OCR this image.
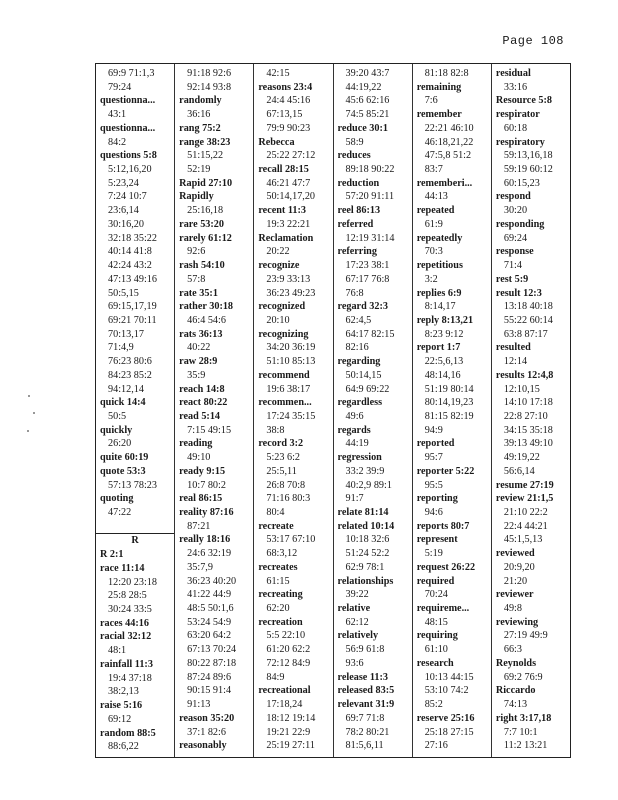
Page 108
69:9 71:1,3
79:24
questionna...
43:1
questionna...
84:2
questions 5:8
5:12,16,20
5:23,24
7:24 10:7
23:6,14
30:16,20
32:18 35:22
40:14 41:8
42:24 43:2
47:13 49:16
50:5,15
69:15,17,19
69:21 70:11
70:13,17
71:4,9
76:23 80:6
84:23 85:2
94:12,14
quick 14:4
50:5
quickly
26:20
quite 60:19
quote 53:3
57:13 78:23
quoting
47:22
R
R 2:1
race 11:14
12:20 23:18
25:8 28:5
30:24 33:5
races 44:16
racial 32:12
48:1
rainfall 11:3
19:4 37:18
38:2,13
raise 5:16
69:12
random 88:5
88:6,22
91:18 92:6
92:14 93:8
randomly
36:16
rang 75:2
range 38:23
51:15,22
52:19
Rapid 27:10
Rapidly
25:16,18
rare 53:20
rarely 61:12
92:6
rash 54:10
57:8
rate 35:1
rather 30:18
46:4 54:6
rats 36:13
40:22
raw 28:9
35:9
reach 14:8
react 80:22
read 5:14
7:15 49:15
reading
49:10
ready 9:15
10:7 80:2
real 86:15
reality 87:16
87:21
really 18:16
24:6 32:19
35:7,9
36:23 40:20
41:22 44:9
48:5 50:1,6
53:24 54:9
63:20 64:2
67:13 70:24
80:22 87:18
87:24 89:6
90:15 91:4
91:13
reason 35:20
37:1 82:6
reasonably
42:15
reasons 23:4
24:4 45:16
67:13,15
79:9 90:23
Rebecca
25:22 27:12
recall 28:15
46:21 47:7
50:14,17,20
recent 11:3
19:3 22:21
Reclamation
20:22
recognize
23:9 33:13
36:23 49:23
recognized
20:10
recognizing
34:20 36:19
51:10 85:13
recommend
19:6 38:17
recommen...
17:24 35:15
38:8
record 3:2
5:23 6:2
25:5,11
26:8 70:8
71:16 80:3
80:4
recreate
53:17 67:10
68:3,12
recreates
61:15
recreating
62:20
recreation
5:5 22:10
61:20 62:2
72:12 84:9
84:9
recreational
17:18,24
18:12 19:14
19:21 22:9
25:19 27:11
39:20 43:7
44:19,22
45:6 62:16
74:5 85:21
reduce 30:1
58:9
reduces
89:18 90:22
reduction
57:20 91:11
reel 86:13
referred
12:19 31:14
referring
17:23 38:1
67:17 76:8
76:8
regard 32:3
62:4,5
64:17 82:15
82:16
regarding
50:14,15
64:9 69:22
regardless
49:6
regards
44:19
regression
33:2 39:9
40:2,9 89:1
91:7
relate 81:14
related 10:14
10:18 32:6
51:24 52:2
62:9 78:1
relationships
39:22
relative
62:12
relatively
56:9 61:8
93:6
release 11:3
released 83:5
relevant 31:9
69:7 71:8
78:2 80:21
81:5,6,11
81:18 82:8
remaining
7:6
remember
22:21 46:10
46:18,21,22
47:5,8 51:2
83:7
rememberi...
44:13
repeated
61:9
repeatedly
70:3
repetitious
3:2
replies 6:9
8:14,17
reply 8:13,21
8:23 9:12
report 1:7
22:5,6,13
48:14,16
51:19 80:14
80:14,19,23
81:15 82:19
94:9
reported
95:7
reporter 5:22
95:5
reporting
94:6
reports 80:7
represent
5:19
request 26:22
required
70:24
requireme...
48:15
requiring
61:10
research
10:13 44:15
53:10 74:2
85:2
reserve 25:16
25:18 27:15
27:16
residual
33:16
Resource 5:8
respirator
60:18
respiratory
59:13,16,18
59:19 60:12
60:15,23
respond
30:20
responding
69:24
response
71:4
rest 5:9
result 12:3
13:18 40:18
55:22 60:14
63:8 87:17
resulted
12:14
results 12:4,8
12:10,15
14:10 17:18
22:8 27:10
34:15 35:18
39:13 49:10
49:19,22
56:6,14
resume 27:19
review 21:1,5
21:10 22:2
22:4 44:21
45:1,5,13
reviewed
20:9,20
21:20
reviewer
49:8
reviewing
27:19 49:9
66:3
Reynolds
69:2 76:9
Riccardo
74:13
right 3:17,18
7:7 10:1
11:2 13:21
